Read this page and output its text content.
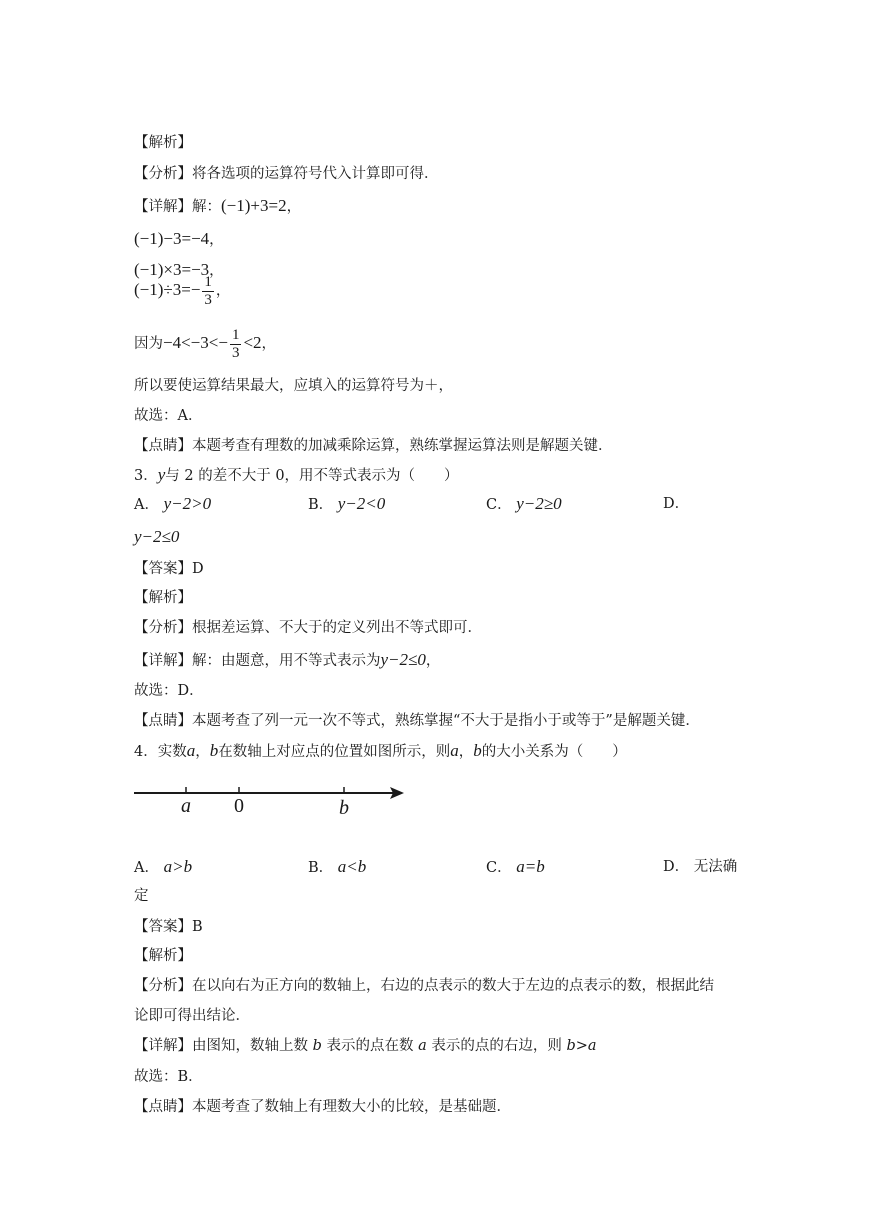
【解析】
【分析】将各选项的运算符号代入计算即可得．
【详解】解：(−1)+3=2，
(−1)−3=−4，
(−1)×3=−3，
$(-1)\div 3=- \frac{1}{3}$ ，
因为$-4<-3<- \frac{1}{3} <2$，
所以要使运算结果最大，应填入的运算符号为＋，
故选：A．
【点睛】本题考查有理数的加减乘除运算，熟练掌握运算法则是解题关键．
3．y与 2 的差不大于 0，用不等式表示为（　　）
A． y−2>0	B． y−2<0	C． y−2≥0	D．
y−2≤0
【答案】D
【解析】
【分析】根据差运算、不大于的定义列出不等式即可．
【详解】解：由题意，用不等式表示为y−2≤0，
故选：D．
【点睛】本题考查了列一元一次不等式，熟练掌握“不大于是指小于或等于”是解题关键．
4．实数a，b在数轴上对应点的位置如图所示，则a，b的大小关系为（　　）
a 0	b
A． a>b	B． a<b	C． a=b	D． 无法确
定
【答案】B
【解析】
【分析】在以向右为正方向的数轴上，右边的点表示的数大于左边的点表示的数，根据此结
论即可得出结论．
【详解】由图知，数轴上数 b 表示的点在数 a 表示的点的右边，则 b>a
故选：B．
【点睛】本题考查了数轴上有理数大小的比较，是基础题．
